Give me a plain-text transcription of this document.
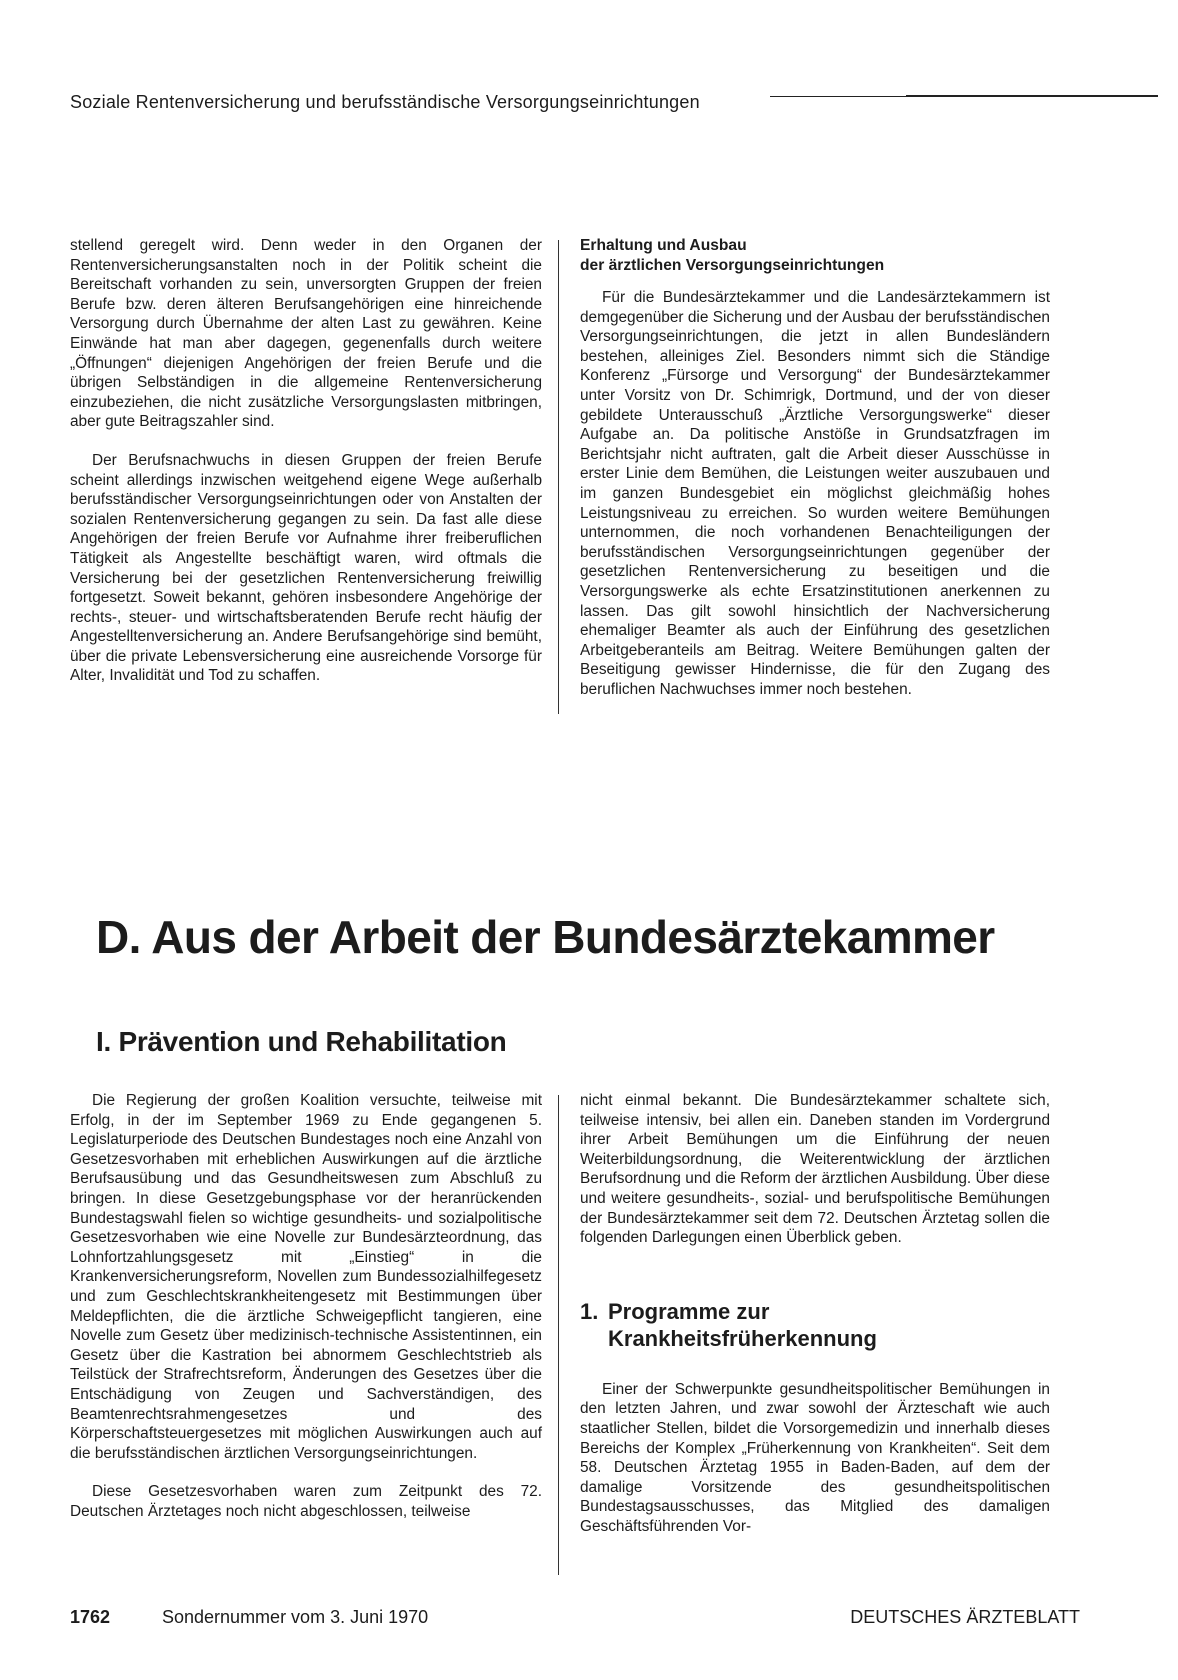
Soziale Rentenversicherung und berufsständische Versorgungseinrichtungen

stellend geregelt wird. Denn weder in den Organen der Rentenversicherungsanstalten noch in der Politik scheint die Bereitschaft vorhanden zu sein, unversorgten Gruppen der freien Berufe bzw. deren älteren Berufsangehörigen eine hinreichende Versorgung durch Übernahme der alten Last zu gewähren. Keine Einwände hat man aber dagegen, gegenenfalls durch weitere „Öffnungen“ diejenigen Angehörigen der freien Berufe und die übrigen Selbständigen in die allgemeine Rentenversicherung einzubeziehen, die nicht zusätzliche Versorgungslasten mitbringen, aber gute Beitragszahler sind.

Der Berufsnachwuchs in diesen Gruppen der freien Berufe scheint allerdings inzwischen weitgehend eigene Wege außerhalb berufsständischer Versorgungseinrichtungen oder von Anstalten der sozialen Rentenversicherung gegangen zu sein. Da fast alle diese Angehörigen der freien Berufe vor Aufnahme ihrer freiberuflichen Tätigkeit als Angestellte beschäftigt waren, wird oftmals die Versicherung bei der gesetzlichen Rentenversicherung freiwillig fortgesetzt. Soweit bekannt, gehören insbesondere Angehörige der rechts-, steuer- und wirtschaftsberatenden Berufe recht häufig der Angestelltenversicherung an. Andere Berufsangehörige sind bemüht, über die private Lebensversicherung eine ausreichende Vorsorge für Alter, Invalidität und Tod zu schaffen.

Erhaltung und Ausbau
der ärztlichen Versorgungseinrichtungen

Für die Bundesärztekammer und die Landesärztekammern ist demgegenüber die Sicherung und der Ausbau der berufsständischen Versorgungseinrichtungen, die jetzt in allen Bundesländern bestehen, alleiniges Ziel. Besonders nimmt sich die Ständige Konferenz „Fürsorge und Versorgung“ der Bundesärztekammer unter Vorsitz von Dr. Schimrigk, Dortmund, und der von dieser gebildete Unterausschuß „Ärztliche Versorgungswerke“ dieser Aufgabe an. Da politische Anstöße in Grundsatzfragen im Berichtsjahr nicht auftraten, galt die Arbeit dieser Ausschüsse in erster Linie dem Bemühen, die Leistungen weiter auszubauen und im ganzen Bundesgebiet ein möglichst gleichmäßig hohes Leistungsniveau zu erreichen. So wurden weitere Bemühungen unternommen, die noch vorhandenen Benachteiligungen der berufsständischen Versorgungseinrichtungen gegenüber der gesetzlichen Rentenversicherung zu beseitigen und die Versorgungswerke als echte Ersatzinstitutionen anerkennen zu lassen. Das gilt sowohl hinsichtlich der Nachversicherung ehemaliger Beamter als auch der Einführung des gesetzlichen Arbeitgeberanteils am Beitrag. Weitere Bemühungen galten der Beseitigung gewisser Hindernisse, die für den Zugang des beruflichen Nachwuchses immer noch bestehen.

D. Aus der Arbeit der Bundesärztekammer
I. Prävention und Rehabilitation

Die Regierung der großen Koalition versuchte, teilweise mit Erfolg, in der im September 1969 zu Ende gegangenen 5. Legislaturperiode des Deutschen Bundestages noch eine Anzahl von Gesetzesvorhaben mit erheblichen Auswirkungen auf die ärztliche Berufsausübung und das Gesundheitswesen zum Abschluß zu bringen. In diese Gesetzgebungsphase vor der heranrückenden Bundestagswahl fielen so wichtige gesundheits- und sozialpolitische Gesetzesvorhaben wie eine Novelle zur Bundesärzteordnung, das Lohnfortzahlungsgesetz mit „Einstieg“ in die Krankenversicherungsreform, Novellen zum Bundessozialhilfegesetz und zum Geschlechtskrankheitengesetz mit Bestimmungen über Meldepflichten, die die ärztliche Schweigepflicht tangieren, eine Novelle zum Gesetz über medizinisch-technische Assistentinnen, ein Gesetz über die Kastration bei abnormem Geschlechtstrieb als Teilstück der Strafrechtsreform, Änderungen des Gesetzes über die Entschädigung von Zeugen und Sachverständigen, des Beamtenrechtsrahmengesetzes und des Körperschaftsteuergesetzes mit möglichen Auswirkungen auch auf die berufsständischen ärztlichen Versorgungseinrichtungen.

Diese Gesetzesvorhaben waren zum Zeitpunkt des 72. Deutschen Ärztetages noch nicht abgeschlossen, teilweise

nicht einmal bekannt. Die Bundesärztekammer schaltete sich, teilweise intensiv, bei allen ein. Daneben standen im Vordergrund ihrer Arbeit Bemühungen um die Einführung der neuen Weiterbildungsordnung, die Weiterentwicklung der ärztlichen Berufsordnung und die Reform der ärztlichen Ausbildung. Über diese und weitere gesundheits-, sozial- und berufspolitische Bemühungen der Bundesärztekammer seit dem 72. Deutschen Ärztetag sollen die folgenden Darlegungen einen Überblick geben.

1. Programme zur
Krankheitsfrüherkennung

Einer der Schwerpunkte gesundheitspolitischer Bemühungen in den letzten Jahren, und zwar sowohl der Ärzteschaft wie auch staatlicher Stellen, bildet die Vorsorgemedizin und innerhalb dieses Bereichs der Komplex „Früherkennung von Krankheiten“. Seit dem 58. Deutschen Ärztetag 1955 in Baden-Baden, auf dem der damalige Vorsitzende des gesundheitspolitischen Bundestagsausschusses, das Mitglied des damaligen Geschäftsführenden Vor-

1762	Sondernummer vom 3. Juni 1970	DEUTSCHES ÄRZTEBLATT
